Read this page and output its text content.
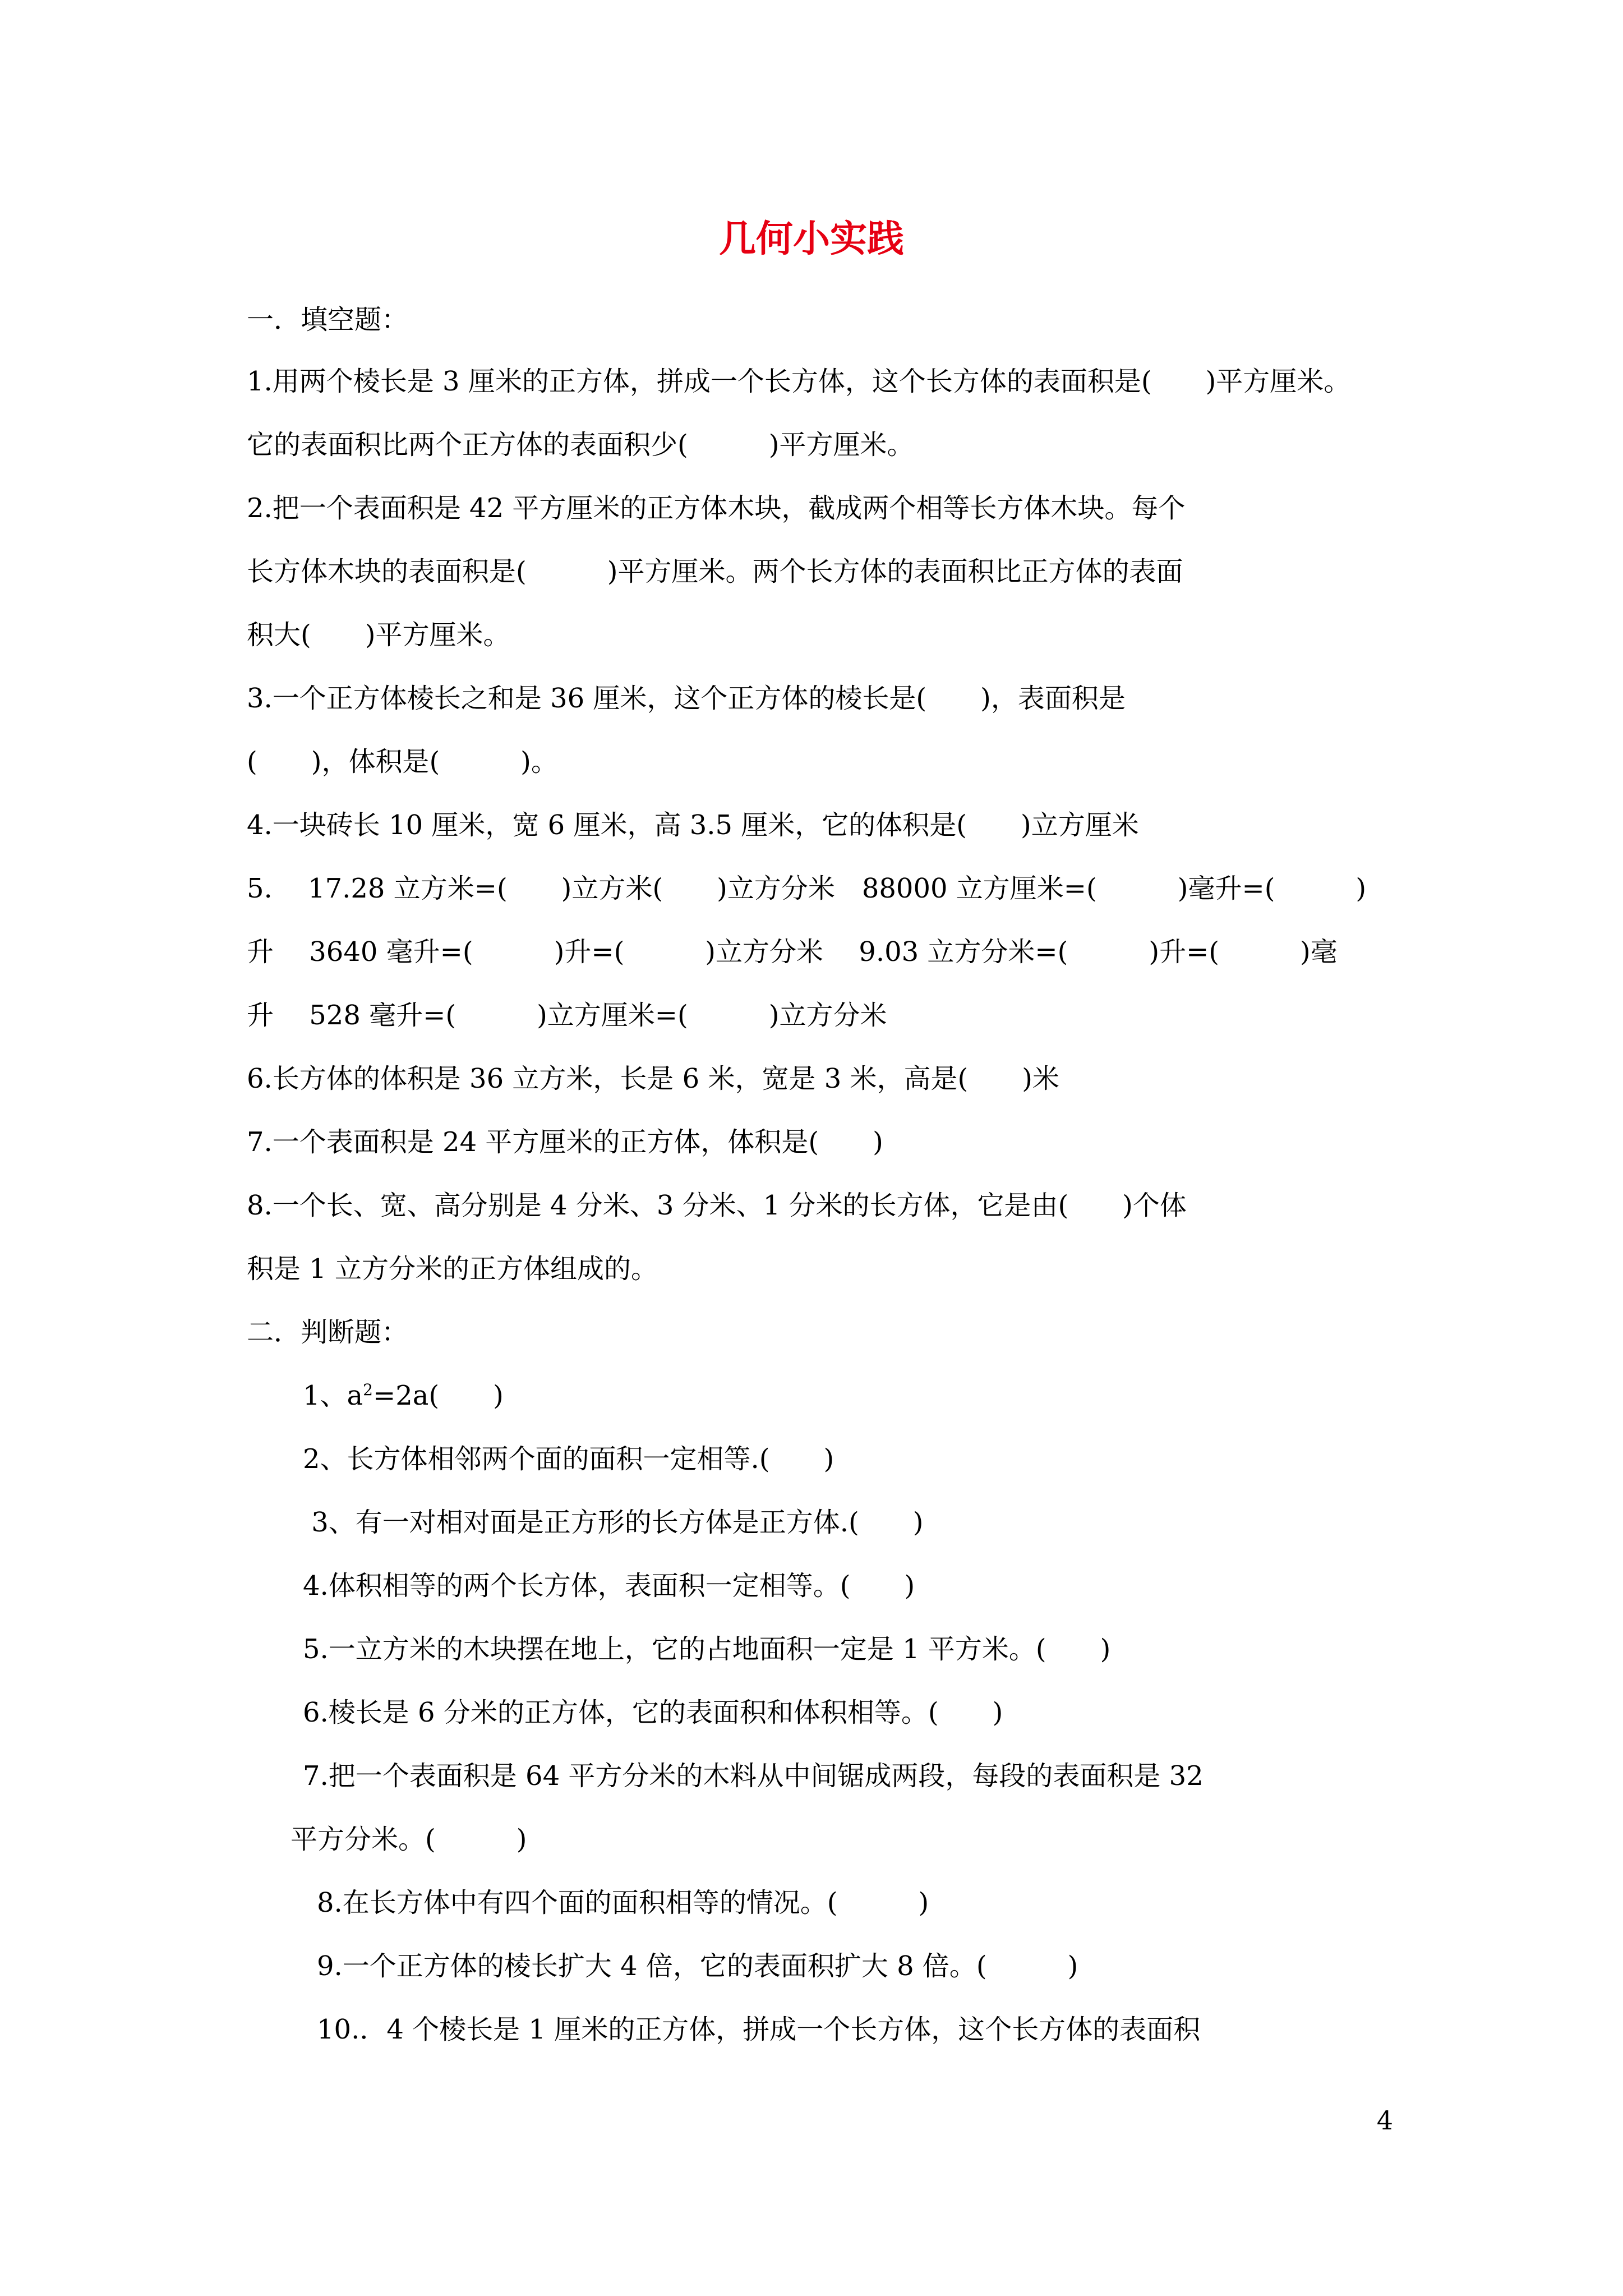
几何小实践
一．填空题：
1.用两个棱长是 3 厘米的正方体，拼成一个长方体，这个长方体的表面积是(　　)平方厘米。
它的表面积比两个正方体的表面积少(　　　)平方厘米。
2.把一个表面积是 42 平方厘米的正方体木块，截成两个相等长方体木块。每个
长方体木块的表面积是(　　　)平方厘米。两个长方体的表面积比正方体的表面
积大(　　)平方厘米。
3.一个正方体棱长之和是 36 厘米，这个正方体的棱长是(　　)，表面积是
(　　)，体积是(　　　)。
4.一块砖长 10 厘米，宽 6 厘米，高 3.5 厘米，它的体积是(　　)立方厘米
5.　 17.28 立方米=(　　)立方米(　　)立方分米　88000 立方厘米=(　　　)毫升=(　　　)
升　 3640 毫升=(　　　)升=(　　　)立方分米　 9.03 立方分米=(　　　)升=(　　　)毫
升　 528 毫升=(　　　)立方厘米=(　　　)立方分米
6.长方体的体积是 36 立方米，长是 6 米，宽是 3 米，高是(　　)米
7.一个表面积是 24 平方厘米的正方体，体积是(　　)
8.一个长、宽、高分别是 4 分米、3 分米、1 分米的长方体，它是由(　　)个体
积是 1 立方分米的正方体组成的。
二．判断题：
1、$a^2=2a$(　　)
2、长方体相邻两个面的面积一定相等.(　　)
3、有一对相对面是正方形的长方体是正方体.(　　)
4.体积相等的两个长方体，表面积一定相等。(　　)
5.一立方米的木块摆在地上，它的占地面积一定是 1 平方米。(　　)
6.棱长是 6 分米的正方体，它的表面积和体积相等。(　　)
7.把一个表面积是 64 平方分米的木料从中间锯成两段，每段的表面积是 32
平方分米。(　　　)
8.在长方体中有四个面的面积相等的情况。(　　　)
9.一个正方体的棱长扩大 4 倍，它的表面积扩大 8 倍。(　　　)
10.．4 个棱长是 1 厘米的正方体，拼成一个长方体，这个长方体的表面积
4
